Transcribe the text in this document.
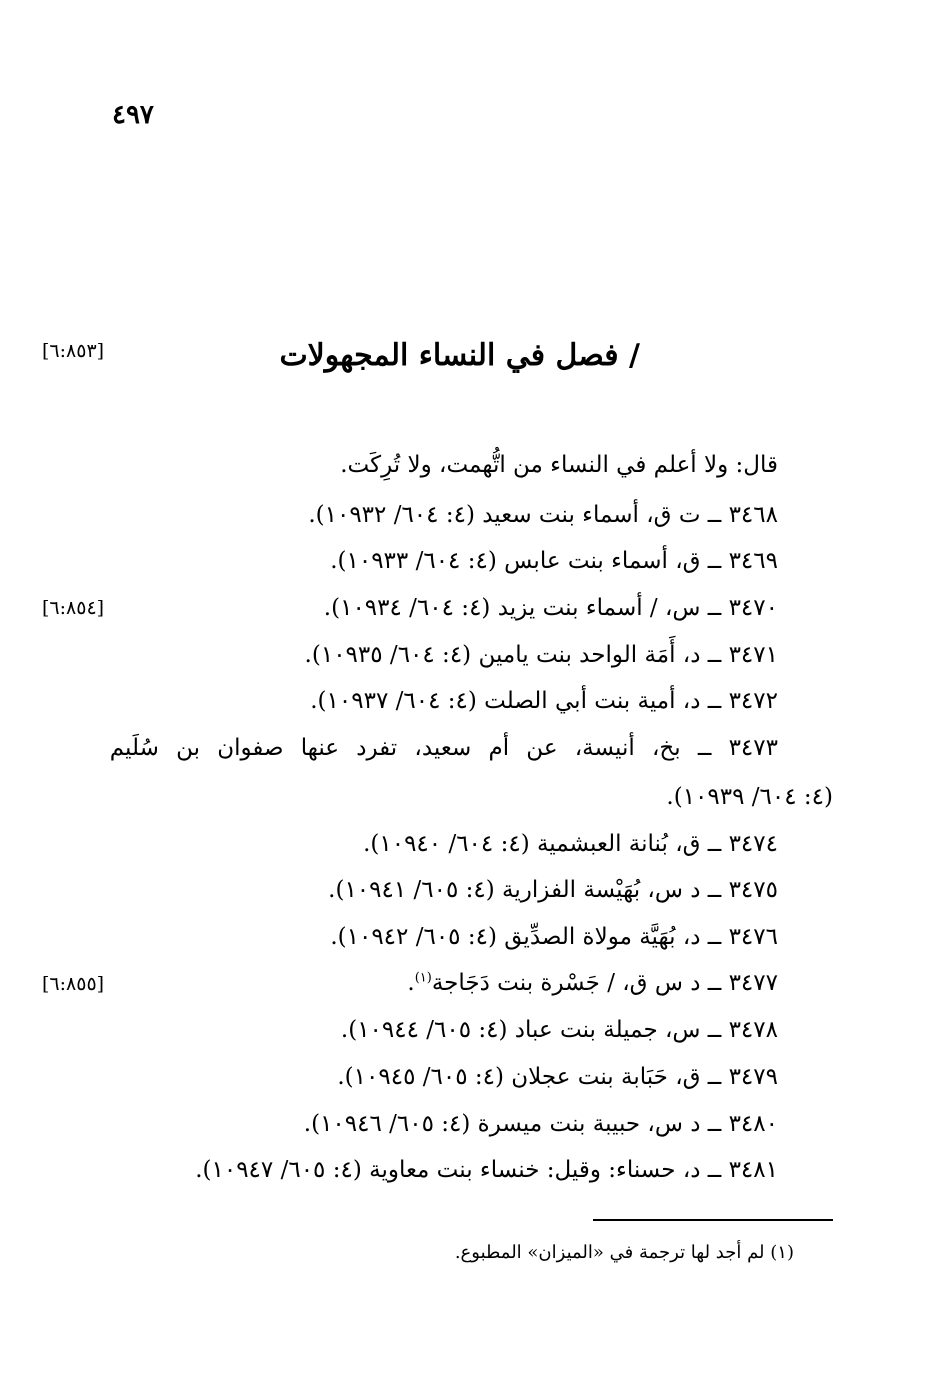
٤٩٧
/ فصل في النساء المجهولات
[٦:٨٥٣]
[٦:٨٥٤]
[٦:٨٥٥]
قال: ولا أعلم في النساء من اتُّهمت، ولا تُرِكَت.
٣٤٦٨ ــ ت ق، أسماء بنت سعيد (٤: ٦٠٤/ ١٠٩٣٢).
٣٤٦٩ ــ ق، أسماء بنت عابس (٤: ٦٠٤/ ١٠٩٣٣).
٣٤٧٠ ــ س، / أسماء بنت يزيد (٤: ٦٠٤/ ١٠٩٣٤).
٣٤٧١ ــ د، أَمَة الواحد بنت يامين (٤: ٦٠٤/ ١٠٩٣٥).
٣٤٧٢ ــ د، أمية بنت أبي الصلت (٤: ٦٠٤/ ١٠٩٣٧).
٣٤٧٣ ــ بخ، أنيسة، عن أم سعيد، تفرد عنها صفوان بن سُلَيم
(٤: ٦٠٤/ ١٠٩٣٩).
٣٤٧٤ ــ ق، بُنانة العبشمية (٤: ٦٠٤/ ١٠٩٤٠).
٣٤٧٥ ــ د س، بُهَيْسة الفزارية (٤: ٦٠٥/ ١٠٩٤١).
٣٤٧٦ ــ د، بُهَيَّة مولاة الصدِّيق (٤: ٦٠٥/ ١٠٩٤٢).
٣٤٧٧ ــ د س ق، / جَسْرة بنت دَجَاجة$^{(١)}$.
٣٤٧٨ ــ س، جميلة بنت عباد (٤: ٦٠٥/ ١٠٩٤٤).
٣٤٧٩ ــ ق، حَبَابة بنت عجلان (٤: ٦٠٥/ ١٠٩٤٥).
٣٤٨٠ ــ د س، حبيبة بنت ميسرة (٤: ٦٠٥/ ١٠٩٤٦).
٣٤٨١ ــ د، حسناء: وقيل: خنساء بنت معاوية (٤: ٦٠٥/ ١٠٩٤٧).
(١) لم أجد لها ترجمة في «الميزان» المطبوع.
